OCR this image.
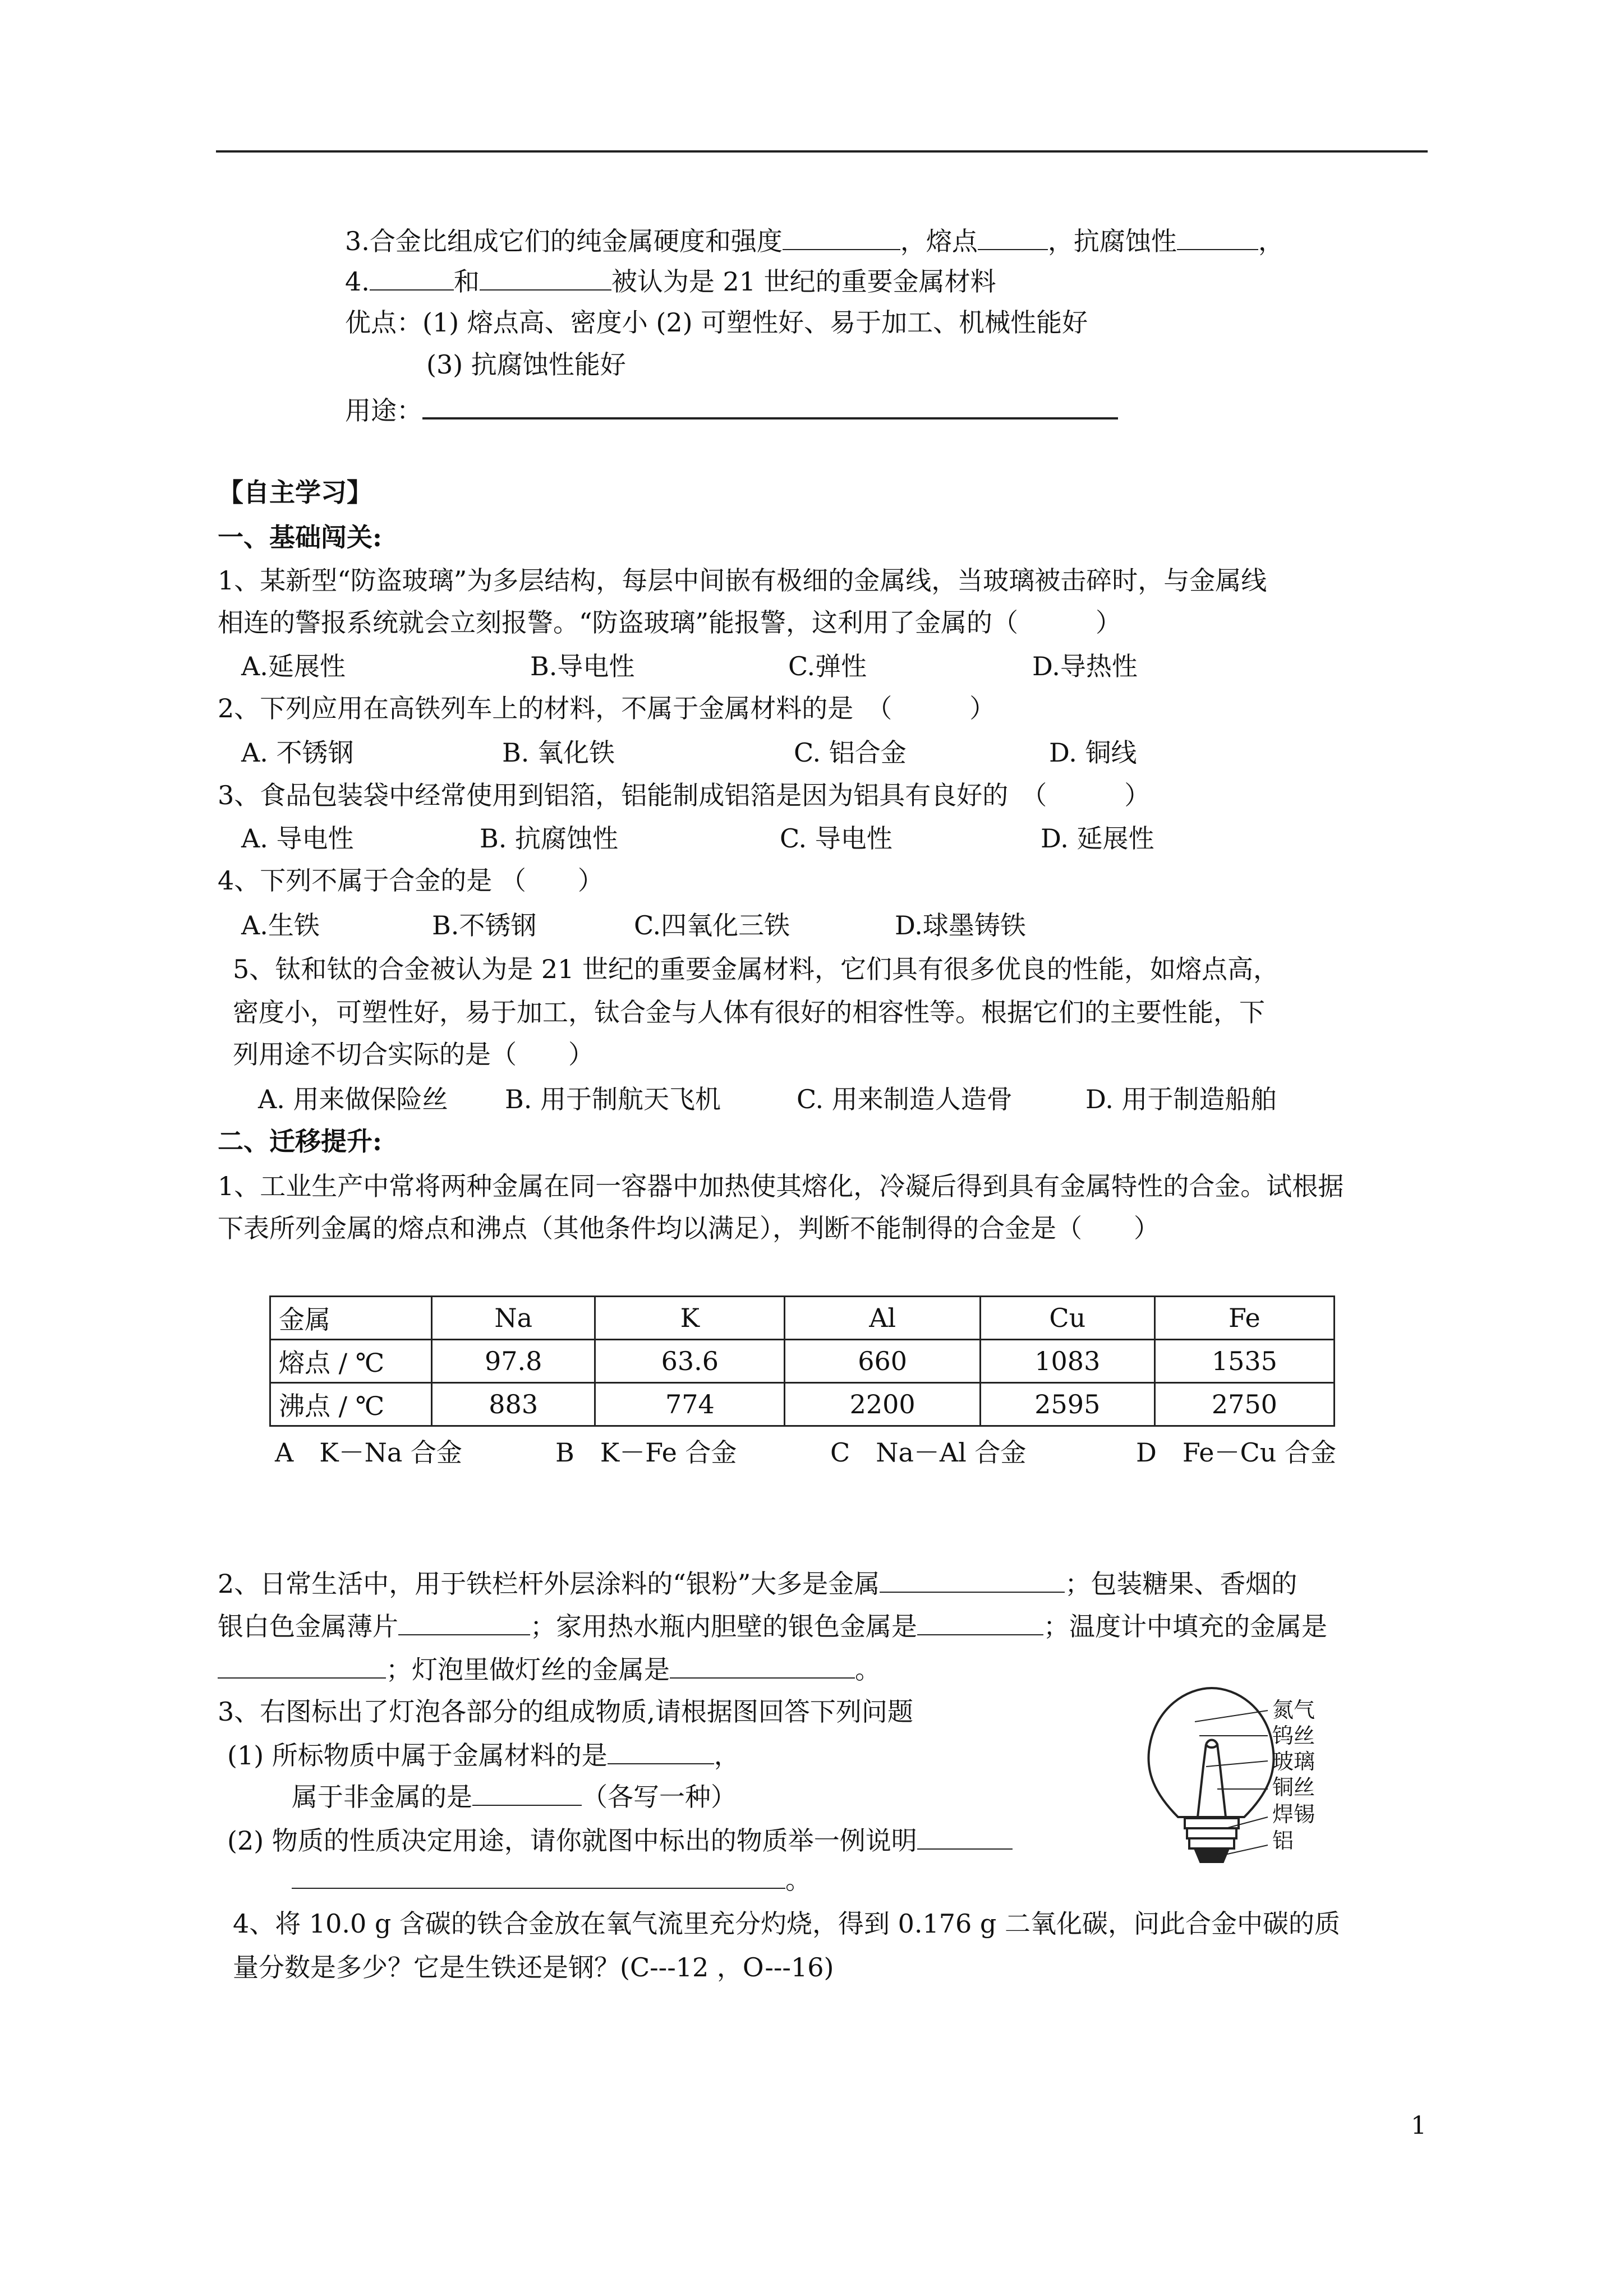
3.合金比组成它们的纯金属硬度和强度	，熔点	，抗腐蚀性	，
4.	和	被认为是 21 世纪的重要金属材料
优点：(1) 熔点高、密度小 (2) 可塑性好、易于加工、机械性能好
(3) 抗腐蚀性能好
用途：
【自主学习】
一、基础闯关:
1、某新型“防盗玻璃”为多层结构，每层中间嵌有极细的金属线，当玻璃被击碎时，与金属线
相连的警报系统就会立刻报警。“防盗玻璃”能报警，这利用了金属的（　　　）
A.延展性	B.导电性	C.弹性	D.导热性
2、下列应用在高铁列车上的材料，不属于金属材料的是　（　　　）
A. 不锈钢	B. 氧化铁	C. 铝合金	D. 铜线
3、食品包装袋中经常使用到铝箔，铝能制成铝箔是因为铝具有良好的　（　　　）
A. 导电性	B. 抗腐蚀性	C. 导电性	D. 延展性
4、下列不属于合金的是 （　　）
A.生铁	B.不锈钢	C.四氧化三铁	D.球墨铸铁
5、钛和钛的合金被认为是 21 世纪的重要金属材料，它们具有很多优良的性能，如熔点高，
密度小，可塑性好，易于加工，钛合金与人体有很好的相容性等。根据它们的主要性能，下
列用途不切合实际的是（　　）
A. 用来做保险丝 B. 用于制航天飞机	C. 用来制造人造骨	D. 用于制造船舶
二、迁移提升:
1、工业生产中常将两种金属在同一容器中加热使其熔化，冷凝后得到具有金属特性的合金。试根据
下表所列金属的熔点和沸点（其他条件均以满足），判断不能制得的合金是（　　）
金属	Na	K	Al	Cu	Fe
熔点 / ℃	97.8	63.6	660	1083	1535
沸点 / ℃	883	774	2200	2595	2750
A　K－Na 合金	B　K－Fe 合金	C　Na－Al 合金	D　Fe－Cu 合金
2、日常生活中，用于铁栏杆外层涂料的“银粉”大多是金属	；包装糖果、香烟的
银白色金属薄片	；家用热水瓶内胆壁的银色金属是	；温度计中填充的金属是
；灯泡里做灯丝的金属是	。
3、右图标出了灯泡各部分的组成物质,请根据图回答下列问题
(1) 所标物质中属于金属材料的是	，
属于非金属的是	（各写一种）
(2) 物质的性质决定用途，请你就图中标出的物质举一例说明
。
4、将 10.0 g 含碳的铁合金放在氧气流里充分灼烧，得到 0.176 g 二氧化碳，问此合金中碳的质
量分数是多少？它是生铁还是钢？(C---12 ，O---16)
氮气
钨丝
玻璃
铜丝
焊锡
铝
1
